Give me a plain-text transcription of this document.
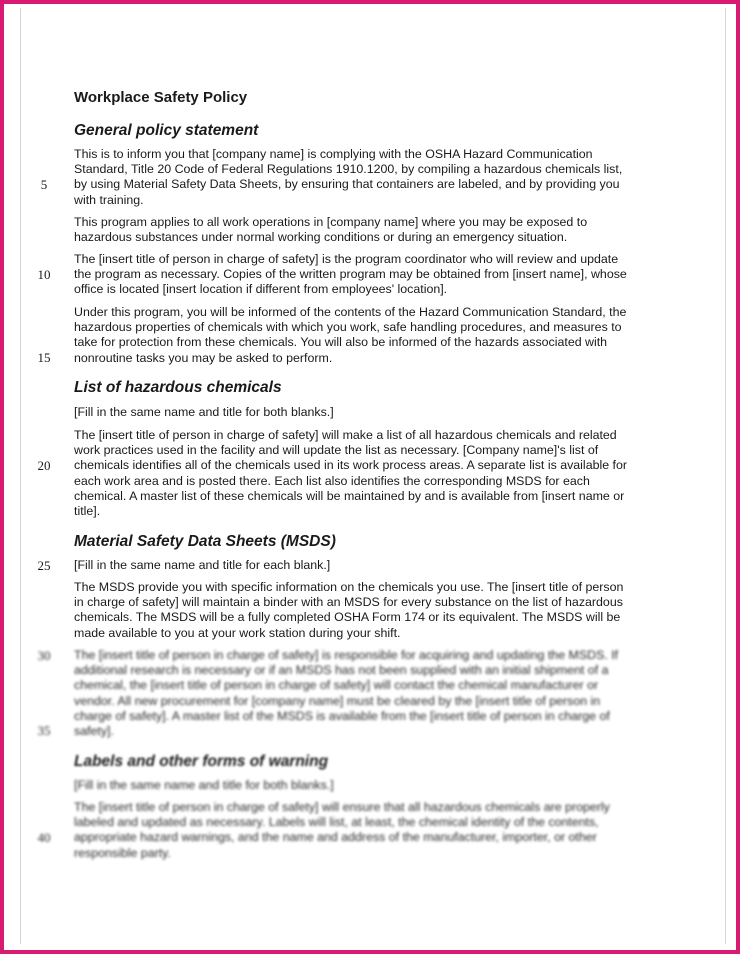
Workplace Safety Policy
General policy statement
This is to inform you that [company name] is complying with the OSHA Hazard Communication
Standard, Title 20 Code of Federal Regulations 1910.1200, by compiling a hazardous chemicals list,
by using Material Safety Data Sheets, by ensuring that containers are labeled, and by providing you
with training.
This program applies to all work operations in [company name] where you may be exposed to
hazardous substances under normal working conditions or during an emergency situation.
The [insert title of person in charge of safety] is the program coordinator who will review and update
the program as necessary. Copies of the written program may be obtained from [insert name], whose
office is located [insert location if different from employees' location].
Under this program, you will be informed of the contents of the Hazard Communication Standard, the
hazardous properties of chemicals with which you work, safe handling procedures, and measures to
take for protection from these chemicals. You will also be informed of the hazards associated with
nonroutine tasks you may be asked to perform.
List of hazardous chemicals
[Fill in the same name and title for both blanks.]
The [insert title of person in charge of safety] will make a list of all hazardous chemicals and related
work practices used in the facility and will update the list as necessary. [Company name]'s list of
chemicals identifies all of the chemicals used in its work process areas. A separate list is available for
each work area and is posted there. Each list also identifies the corresponding MSDS for each
chemical. A master list of these chemicals will be maintained by and is available from [insert name or
title].
Material Safety Data Sheets (MSDS)
[Fill in the same name and title for each blank.]
The MSDS provide you with specific information on the chemicals you use. The [insert title of person
in charge of safety] will maintain a binder with an MSDS for every substance on the list of hazardous
chemicals. The MSDS will be a fully completed OSHA Form 174 or its equivalent. The MSDS will be
made available to you at your work station during your shift.
The [insert title of person in charge of safety] is responsible for acquiring and updating the MSDS. If
additional research is necessary or if an MSDS has not been supplied with an initial shipment of a
chemical, the [insert title of person in charge of safety] will contact the chemical manufacturer or
vendor. All new procurement for [company name] must be cleared by the [insert title of person in
charge of safety]. A master list of the MSDS is available from the [insert title of person in charge of
safety].
Labels and other forms of warning
[Fill in the same name and title for both blanks.]
The [insert title of person in charge of safety] will ensure that all hazardous chemicals are properly
labeled and updated as necessary. Labels will list, at least, the chemical identity of the contents,
appropriate hazard warnings, and the name and address of the manufacturer, importer, or other
responsible party.
5
10
15
20
25
30
35
40
